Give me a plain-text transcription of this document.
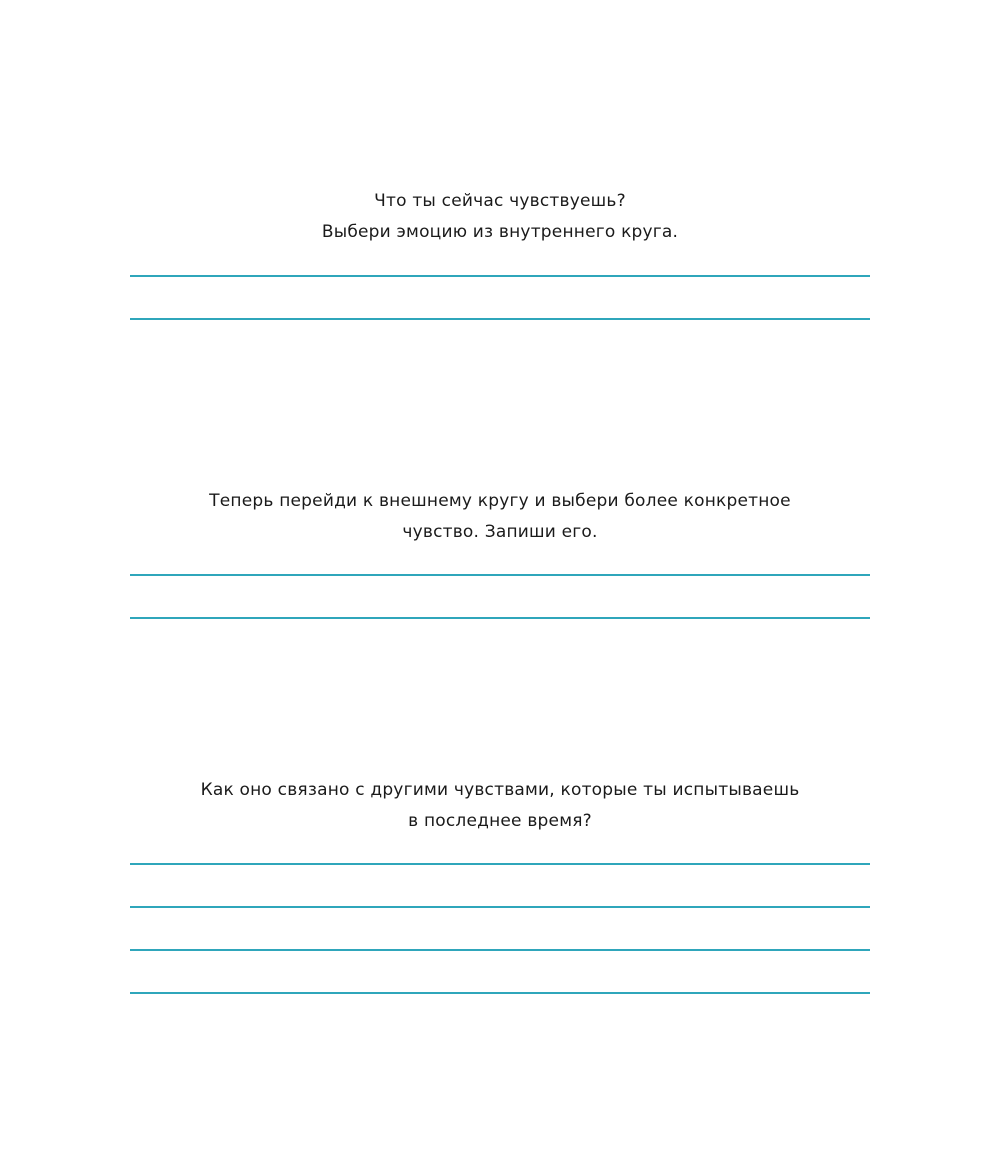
Что ты сейчас чувствуешь?
Выбери эмоцию из внутреннего круга.
Теперь перейди к внешнему кругу и выбери более конкретное
чувство. Запиши его.
Как оно связано с другими чувствами, которые ты испытываешь
в последнее время?
